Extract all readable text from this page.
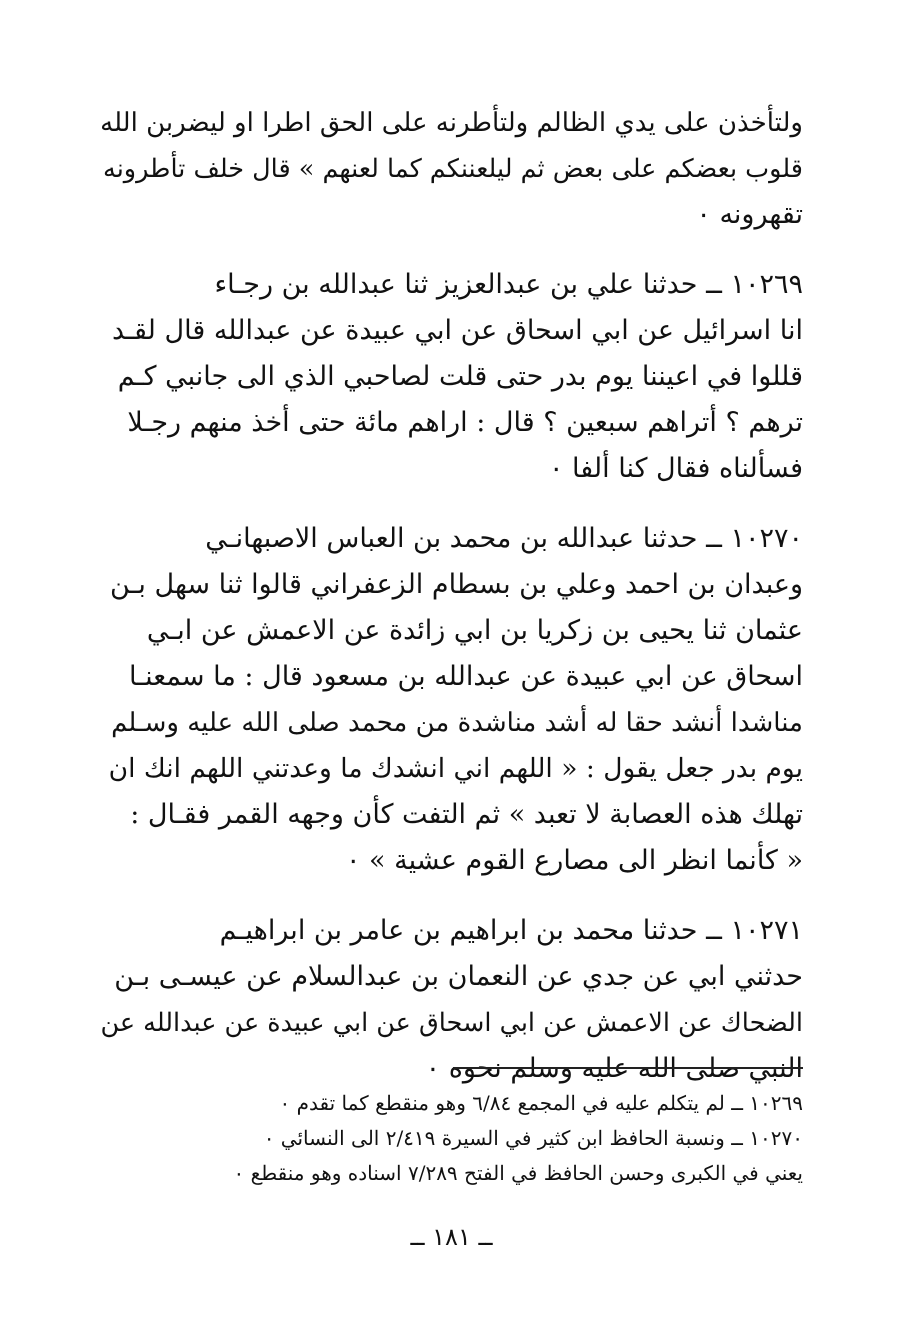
ولتأخذن على يدي الظالم ولتأطرنه على الحق اطرا او ليضربن الله
قلوب بعضكم على بعض ثم ليلعننكم كما لعنهم » قال خلف تأطرونه
تقهرونه ٠
١٠٢٦٩ ــ حدثنا علي بن عبدالعزيز ثنا عبدالله بن رجـاء
انا اسرائيل عن ابي اسحاق عن ابي عبيدة عن عبدالله قال لقـد
قللوا في اعيننا يوم بدر حتى قلت لصاحبي الذي الى جانبي كـم
ترهم ؟ أتراهم سبعين ؟ قال : اراهم مائة حتى أخذ منهم رجـلا
فسألناه فقال كنا ألفا ٠
١٠٢٧٠ ــ حدثنا عبدالله بن محمد بن العباس الاصبهانـي
وعبدان بن احمد وعلي بن بسطام الزعفراني قالوا ثنا سهل بـن
عثمان ثنا يحيى بن زكريا بن ابي زائدة عن الاعمش عن ابـي
اسحاق عن ابي عبيدة عن عبدالله بن مسعود قال : ما سمعنـا
مناشدا أنشد حقا له أشد مناشدة من محمد صلى الله عليه وسـلم
يوم بدر جعل يقول : « اللهم اني انشدك ما وعدتني اللهم انك ان
تهلك هذه العصابة لا تعبد » ثم التفت كأن وجهه القمر فقـال :
« كأنما انظر الى مصارع القوم عشية » ٠
١٠٢٧١ ــ حدثنا محمد بن ابراهيم بن عامر بن ابراهيـم
حدثني ابي عن جدي عن النعمان بن عبدالسلام عن عيسـى بـن
الضحاك عن الاعمش عن ابي اسحاق عن ابي عبيدة عن عبدالله عن
النبي صلى الله عليه وسلم نحوه ٠
١٠٢٦٩ ــ لم يتكلم عليه في المجمع ٦/٨٤ وهو منقطع كما تقدم ٠
١٠٢٧٠ ــ ونسبة الحافظ ابن كثير في السيرة ٢/٤١٩ الى النسائي ٠
يعني في الكبرى وحسن الحافظ في الفتح ٧/٢٨٩ اسناده وهو منقطع ٠
ــ ١٨١ ــ
